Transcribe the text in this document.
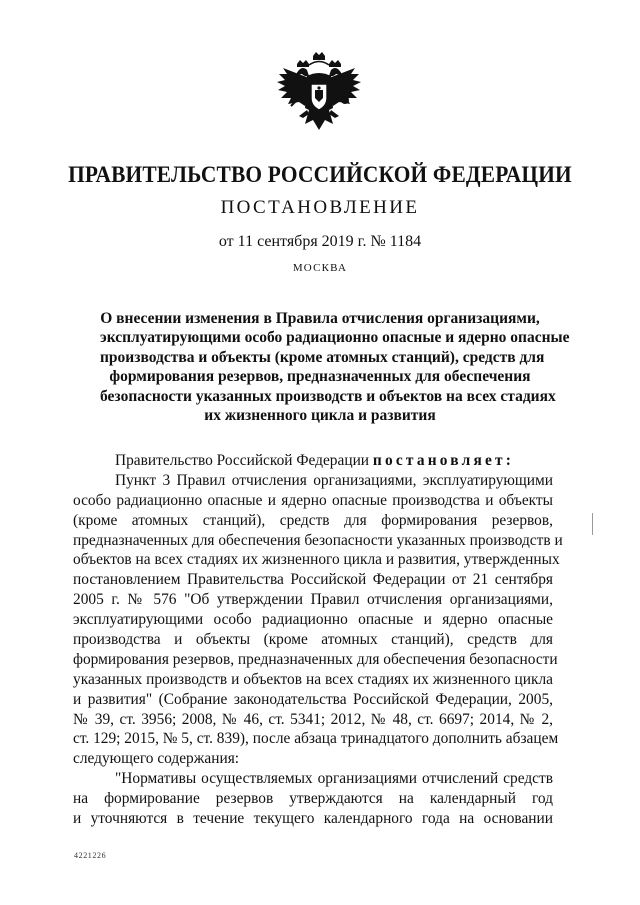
ПРАВИТЕЛЬСТВО РОССИЙСКОЙ ФЕДЕРАЦИИ
ПОСТАНОВЛЕНИЕ
от 11 сентября 2019 г. № 1184
МОСКВА
О внесении изменения в Правила отчисления организациями,
эксплуатирующими особо радиационно опасные и ядерно опасные
производства и объекты (кроме атомных станций), средств для
формирования резервов, предназначенных для обеспечения
безопасности указанных производств и объектов на всех стадиях
их жизненного цикла и развития
Правительство Российской Федерации постановляет:
Пункт 3 Правил отчисления организациями, эксплуатирующими
особо радиационно опасные и ядерно опасные производства и объекты
(кроме атомных станций), средств для формирования резервов,
предназначенных для обеспечения безопасности указанных производств и
объектов на всех стадиях их жизненного цикла и развития, утвержденных
постановлением Правительства Российской Федерации от 21 сентября
2005 г. № 576 "Об утверждении Правил отчисления организациями,
эксплуатирующими особо радиационно опасные и ядерно опасные
производства и объекты (кроме атомных станций), средств для
формирования резервов, предназначенных для обеспечения безопасности
указанных производств и объектов на всех стадиях их жизненного цикла
и развития" (Собрание законодательства Российской Федерации, 2005,
№ 39, ст. 3956; 2008, № 46, ст. 5341; 2012, № 48, ст. 6697; 2014, № 2,
ст. 129; 2015, № 5, ст. 839), после абзаца тринадцатого дополнить абзацем
следующего содержания:
"Нормативы осуществляемых организациями отчислений средств
на формирование резервов утверждаются на календарный год
и уточняются в течение текущего календарного года на основании
4221226
